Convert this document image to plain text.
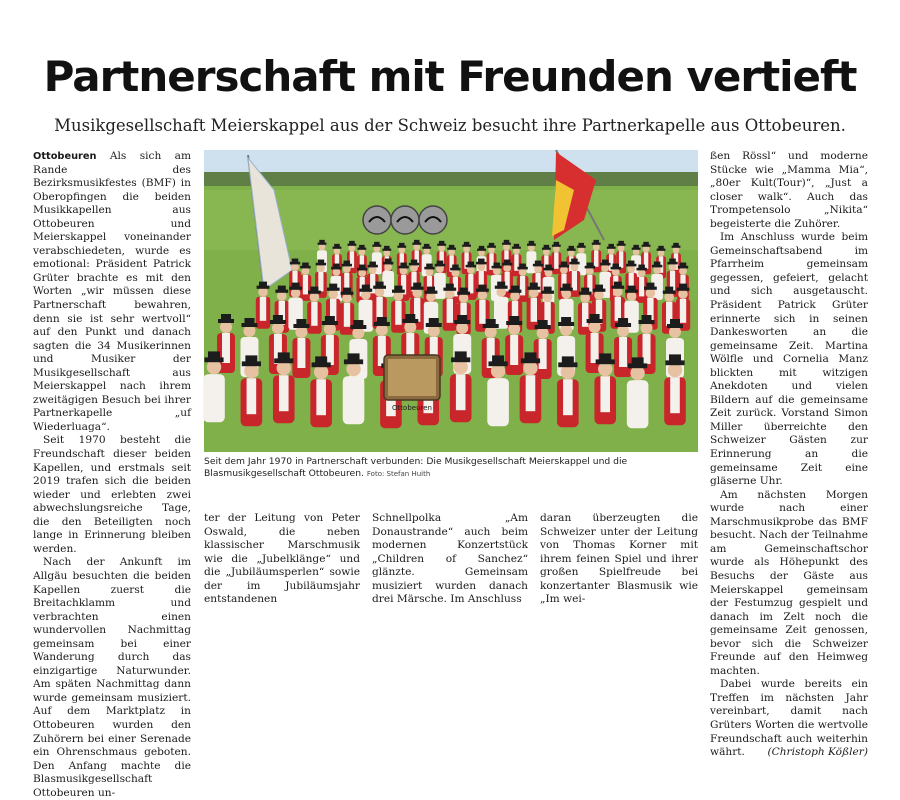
Partnerschaft mit Freunden vertieft
Musikgesellschaft Meierskappel aus der Schweiz besucht ihre Partnerkapelle aus Ottobeuren.

Ottobeuren Als sich am Rande des Bezirksmusikfestes (BMF) in Oberopfingen die beiden Musikkapellen aus Ottobeuren und Meierskappel voneinander verabschiedeten, wurde es emotional: Präsident Patrick Grüter brachte es mit den Worten „wir müssen diese Partnerschaft bewahren, denn sie ist sehr wertvoll“ auf den Punkt und danach sagten die 34 Musikerinnen und Musiker der Musikgesellschaft aus Meierskappel nach ihrem zweitägigen Besuch bei ihrer Partnerkapelle „uf Wiederluaga“.

Seit 1970 besteht die Freundschaft dieser beiden Kapellen, und erstmals seit 2019 trafen sich die beiden wieder und erlebten zwei abwechslungsreiche Tage, die den Beteiligten noch lange in Erinnerung bleiben werden.

Nach der Ankunft im Allgäu besuchten die beiden Kapellen zuerst die Breitachklamm und verbrachten einen wundervollen Nachmittag gemeinsam bei einer Wanderung durch das einzigartige Naturwunder. Am späten Nachmittag dann wurde gemeinsam musiziert. Auf dem Marktplatz in Ottobeuren wurden den Zuhörern bei einer Serenade ein Ohrenschmaus geboten. Den Anfang machte die Blasmusikgesellschaft Ottobeuren un-

Ottobeuren
Seit dem Jahr 1970 in Partnerschaft verbunden: Die Musikgesellschaft Meierskappel und die Blasmusikgesellschaft Ottobeuren. Foto: Stefan Huith

ter der Leitung von Peter Oswald, die neben klassischer Marschmusik wie die „Jubelklänge“ und die „Jubiläumsperlen“ sowie der im Jubiläumsjahr entstandenen

Schnellpolka „Am Donaustrande“ auch beim modernen Konzertstück „Children of Sanchez“ glänzte. Gemeinsam musiziert wurden danach drei Märsche. Im Anschluss

daran überzeugten die Schweizer unter der Leitung von Thomas Korner mit ihrem feinen Spiel und ihrer großen Spielfreude bei konzertanter Blasmusik wie „Im wei-

ßen Rössl“ und moderne Stücke wie „Mamma Mia“, „80er Kult(Tour)“, „Just a closer walk“. Auch das Trompetensolo „Nikita“ begeisterte die Zuhörer.

Im Anschluss wurde beim Gemeinschaftsabend im Pfarrheim gemeinsam gegessen, gefeiert, gelacht und sich ausgetauscht. Präsident Patrick Grüter erinnerte sich in seinen Dankesworten an die gemeinsame Zeit. Martina Wölfle und Cornelia Manz blickten mit witzigen Anekdoten und vielen Bildern auf die gemeinsame Zeit zurück. Vorstand Simon Miller überreichte den Schweizer Gästen zur Erinnerung an die gemeinsame Zeit eine gläserne Uhr.

Am nächsten Morgen wurde nach einer Marschmusikprobe das BMF besucht. Nach der Teilnahme am Gemeinschaftschor wurde als Höhepunkt des Besuchs der Gäste aus Meierskappel gemeinsam der Festumzug gespielt und danach im Zelt noch die gemeinsame Zeit genossen, bevor sich die Schweizer Freunde auf den Heimweg machten.

Dabei wurde bereits ein Treffen im nächsten Jahr vereinbart, damit nach Grüters Worten die wertvolle Freundschaft auch weiterhin währt.	(Christoph Kößler)
